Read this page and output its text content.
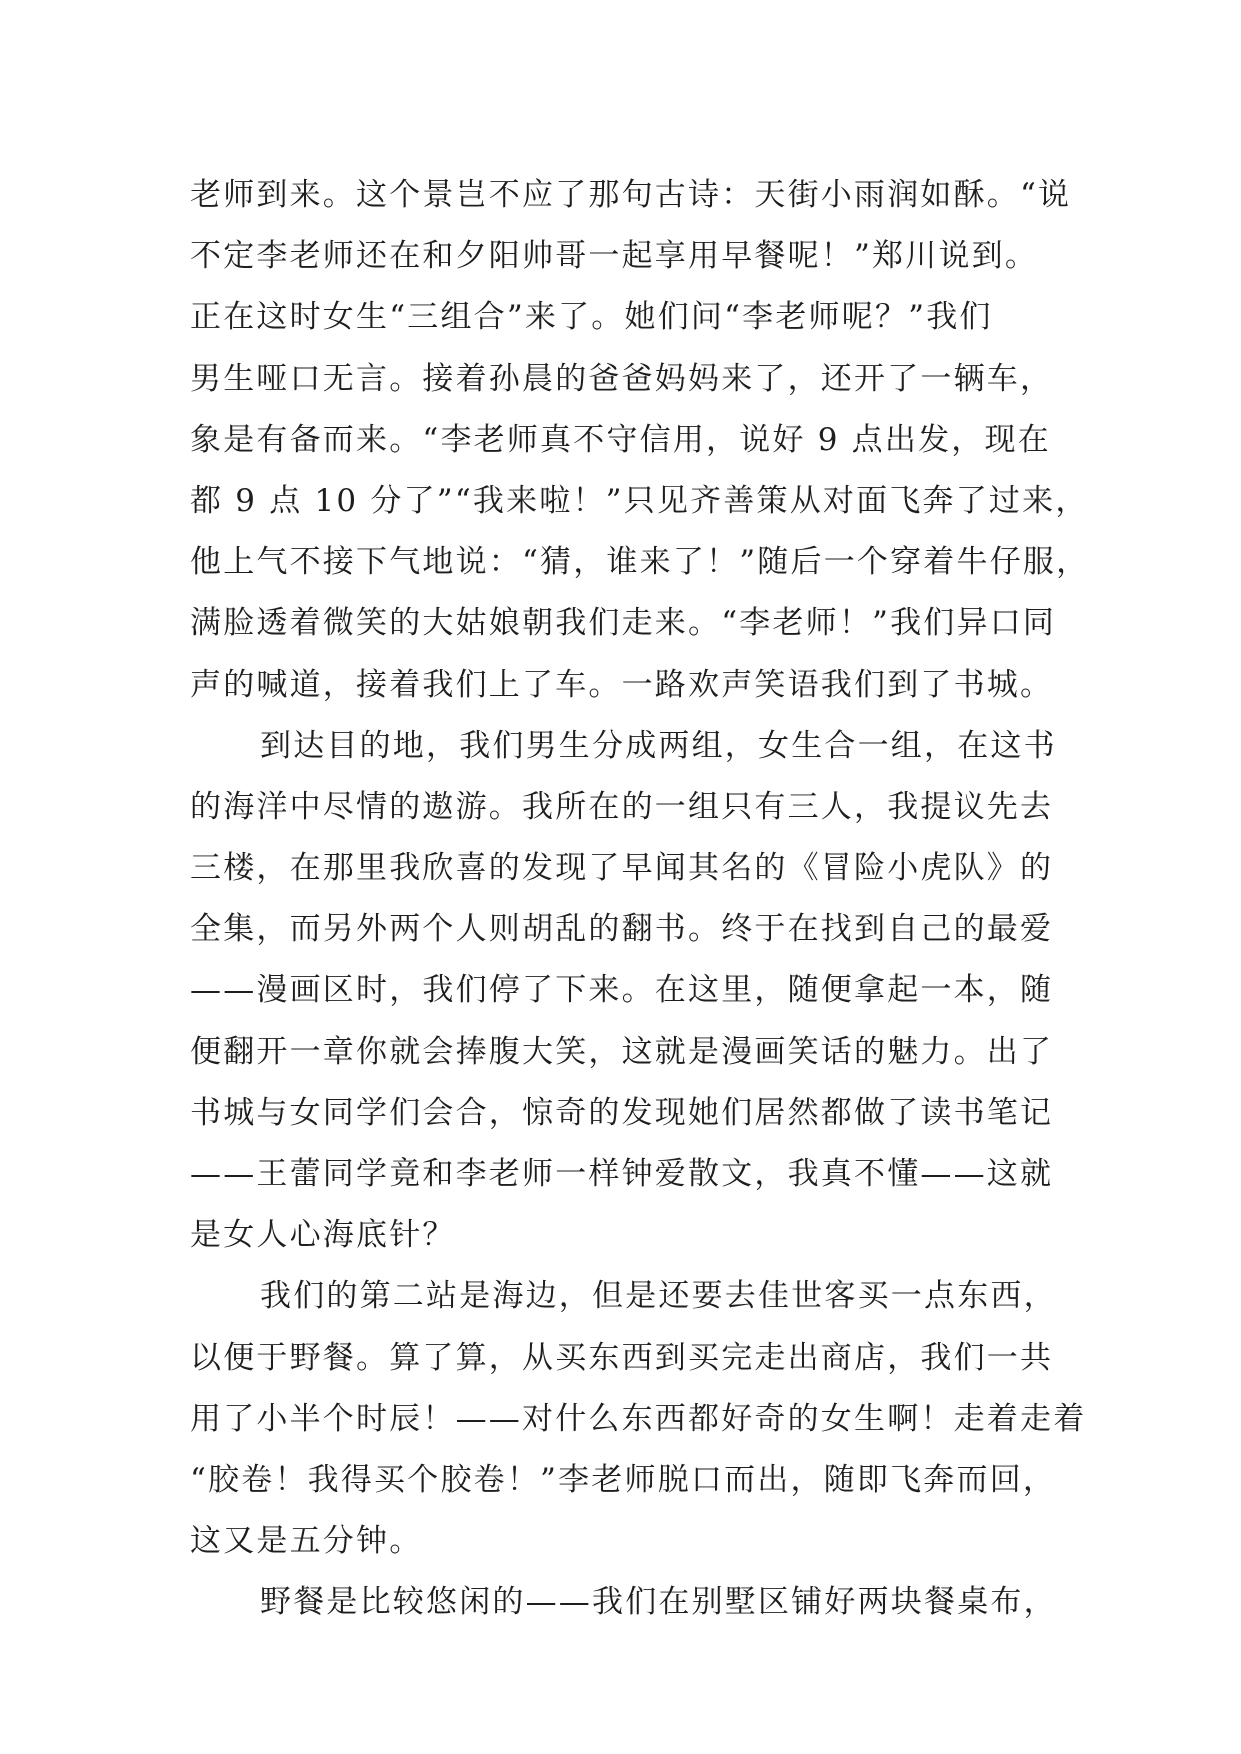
老师到来。这个景岂不应了那句古诗：天街小雨润如酥。“说
不定李老师还在和夕阳帅哥一起享用早餐呢！”郑川说到。
正在这时女生“三组合”来了。她们问“李老师呢？”我们
男生哑口无言。接着孙晨的爸爸妈妈来了，还开了一辆车，
象是有备而来。“李老师真不守信用，说好 9 点出发，现在
都 9 点 10 分了”“我来啦！”只见齐善策从对面飞奔了过来，
他上气不接下气地说：“猜，谁来了！”随后一个穿着牛仔服，
满脸透着微笑的大姑娘朝我们走来。“李老师！”我们异口同
声的喊道，接着我们上了车。一路欢声笑语我们到了书城。
到达目的地，我们男生分成两组，女生合一组，在这书
的海洋中尽情的遨游。我所在的一组只有三人，我提议先去
三楼，在那里我欣喜的发现了早闻其名的《冒险小虎队》的
全集，而另外两个人则胡乱的翻书。终于在找到自己的最爱
——漫画区时，我们停了下来。在这里，随便拿起一本，随
便翻开一章你就会捧腹大笑，这就是漫画笑话的魅力。出了
书城与女同学们会合，惊奇的发现她们居然都做了读书笔记
——王蕾同学竟和李老师一样钟爱散文，我真不懂——这就
是女人心海底针？
我们的第二站是海边，但是还要去佳世客买一点东西，
以便于野餐。算了算，从买东西到买完走出商店，我们一共
用了小半个时辰！——对什么东西都好奇的女生啊！走着走着
“胶卷！我得买个胶卷！”李老师脱口而出，随即飞奔而回，
这又是五分钟。
野餐是比较悠闲的——我们在别墅区铺好两块餐桌布，
